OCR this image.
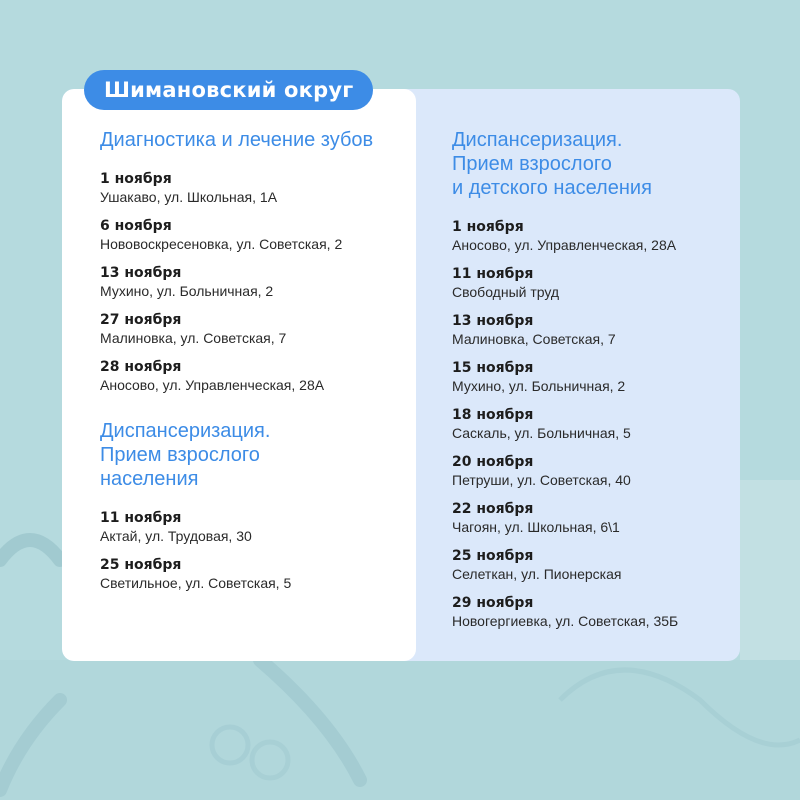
Шимановский округ
Диагностика и лечение зубов
1 ноября
Ушакаво, ул. Школьная, 1А
6 ноября
Нововоскресеновка, ул. Советская, 2
13 ноября
Мухино, ул. Больничная, 2
27 ноября
Малиновка, ул. Советская, 7
28 ноября
Аносово, ул. Управленческая, 28А
Диспансеризация.
Прием взрослого
населения
11 ноября
Актай, ул. Трудовая, 30
25 ноября
Светильное, ул. Советская, 5
Диспансеризация.
Прием взрослого
и детского населения
1 ноября
Аносово, ул. Управленческая, 28А
11 ноября
Свободный труд
13 ноября
Малиновка, Советская, 7
15 ноября
Мухино, ул. Больничная, 2
18 ноября
Саскаль, ул. Больничная, 5
20 ноября
Петруши, ул. Советская, 40
22 ноября
Чагоян, ул. Школьная, 6\1
25 ноября
Селеткан, ул. Пионерская
29 ноября
Новогергиевка, ул. Советская, 35Б
